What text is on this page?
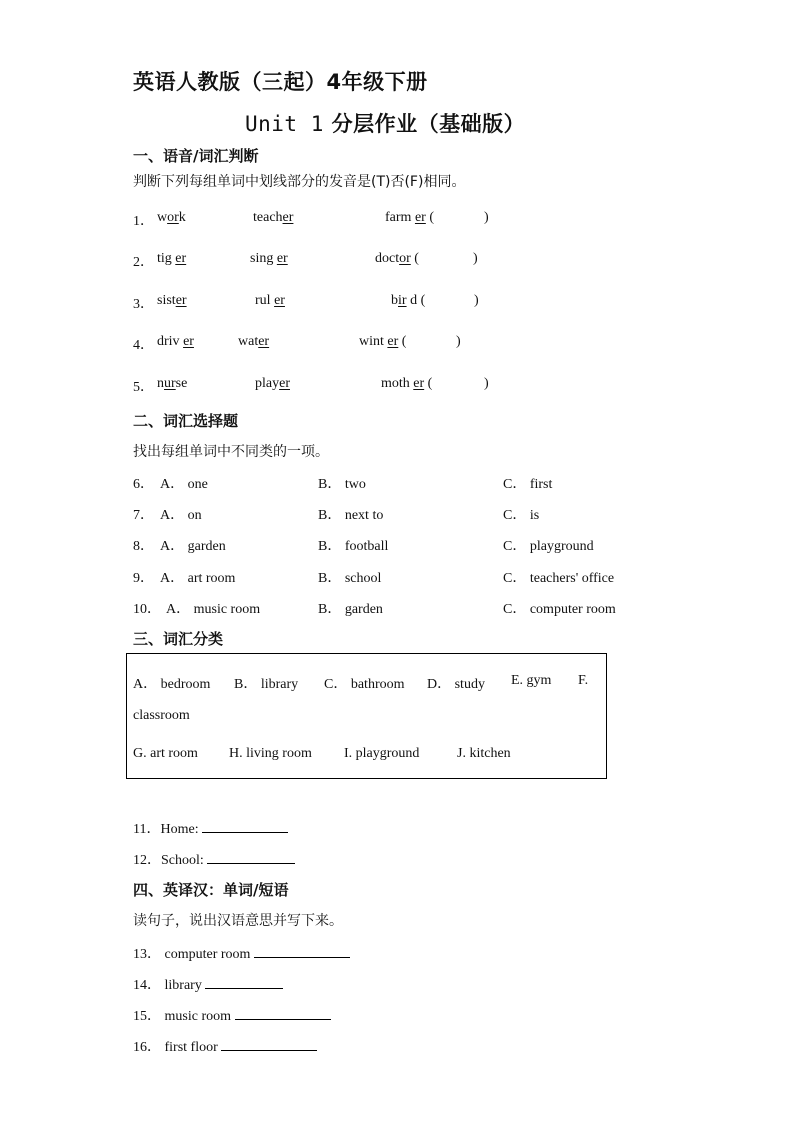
英语人教版（三起）4年级下册
Unit 1 分层作业（基础版）
一、语音/词汇判断
判断下列每组单词中划线部分的发音是(T)否(F)相同。
1． work	teacher	farm er (	)
2． tig er	sing er	doctor (	)
3． sister	rul er	bir d (	)
4． driv er	water	wint er (	)
5． nurse	player	moth er (	)
二、词汇选择题
找出每组单词中不同类的一项。
6． A． one	B． two	C． first
7． A． on	B． next to	C． is
8． A． garden	B． football	C． playground
9． A． art room	B． school	C． teachers' office
10． A． music room	B． garden	C． computer room
三、词汇分类
A． bedroom B． library C． bathroom D． study E. gym F.
classroom
G. art room H. living room I. playground	J. kitchen
11．Home:
12．School:
四、英译汉：单词/短语
读句子，说出汉语意思并写下来。
13． computer room
14． library
15． music room
16． first floor
